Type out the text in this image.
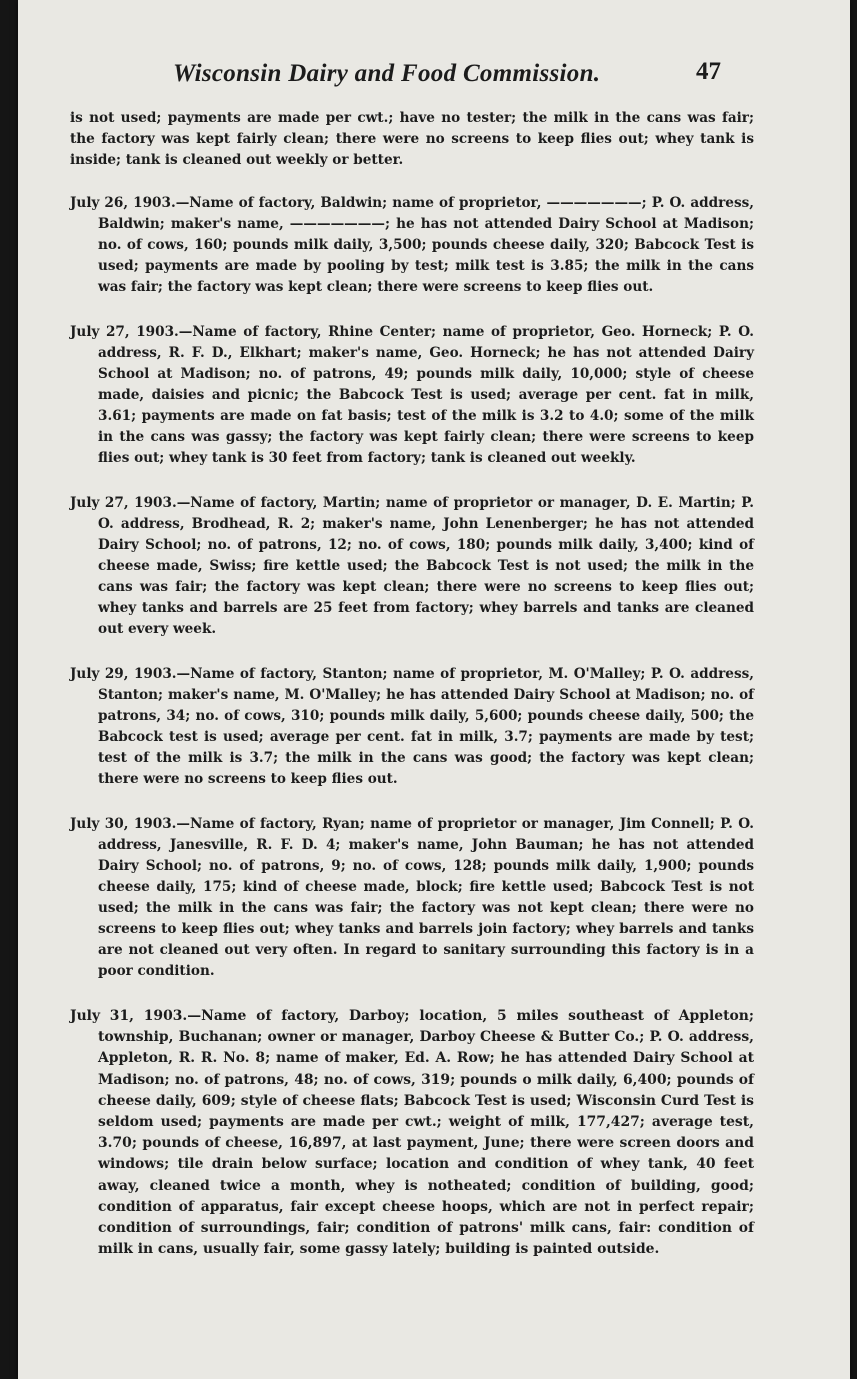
Wisconsin Dairy and Food Commission.	47

is not used; payments are made per cwt.; have no tester; the milk in the cans was fair; the factory was kept fairly clean; there were no screens to keep flies out; whey tank is inside; tank is cleaned out weekly or better.

July 26, 1903.—Name of factory, Baldwin; name of proprietor, ———————; P. O. address, Baldwin; maker's name, ———————; he has not attended Dairy School at Madison; no. of cows, 160; pounds milk daily, 3,500; pounds cheese daily, 320; Babcock Test is used; payments are made by pooling by test; milk test is 3.85; the milk in the cans was fair; the factory was kept clean; there were screens to keep flies out.

July 27, 1903.—Name of factory, Rhine Center; name of proprietor, Geo. Horneck; P. O. address, R. F. D., Elkhart; maker's name, Geo. Horneck; he has not attended Dairy School at Madison; no. of patrons, 49; pounds milk daily, 10,000; style of cheese made, daisies and picnic; the Babcock Test is used; average per cent. fat in milk, 3.61; payments are made on fat basis; test of the milk is 3.2 to 4.0; some of the milk in the cans was gassy; the factory was kept fairly clean; there were screens to keep flies out; whey tank is 30 feet from factory; tank is cleaned out weekly.

July 27, 1903.—Name of factory, Martin; name of proprietor or manager, D. E. Martin; P. O. address, Brodhead, R. 2; maker's name, John Lenenberger; he has not attended Dairy School; no. of patrons, 12; no. of cows, 180; pounds milk daily, 3,400; kind of cheese made, Swiss; fire kettle used; the Babcock Test is not used; the milk in the cans was fair; the factory was kept clean; there were no screens to keep flies out; whey tanks and barrels are 25 feet from factory; whey barrels and tanks are cleaned out every week.

July 29, 1903.—Name of factory, Stanton; name of proprietor, M. O'Malley; P. O. address, Stanton; maker's name, M. O'Malley; he has attended Dairy School at Madison; no. of patrons, 34; no. of cows, 310; pounds milk daily, 5,600; pounds cheese daily, 500; the Babcock test is used; average per cent. fat in milk, 3.7; payments are made by test; test of the milk is 3.7; the milk in the cans was good; the factory was kept clean; there were no screens to keep flies out.

July 30, 1903.—Name of factory, Ryan; name of proprietor or manager, Jim Connell; P. O. address, Janesville, R. F. D. 4; maker's name, John Bauman; he has not attended Dairy School; no. of patrons, 9; no. of cows, 128; pounds milk daily, 1,900; pounds cheese daily, 175; kind of cheese made, block; fire kettle used; Babcock Test is not used; the milk in the cans was fair; the factory was not kept clean; there were no screens to keep flies out; whey tanks and barrels join factory; whey barrels and tanks are not cleaned out very often. In regard to sanitary surrounding this factory is in a poor condition.

July 31, 1903.—Name of factory, Darboy; location, 5 miles southeast of Appleton; township, Buchanan; owner or manager, Darboy Cheese & Butter Co.; P. O. address, Appleton, R. R. No. 8; name of maker, Ed. A. Row; he has attended Dairy School at Madison; no. of patrons, 48; no. of cows, 319; pounds o milk daily, 6,400; pounds of cheese daily, 609; style of cheese flats; Babcock Test is used; Wisconsin Curd Test is seldom used; payments are made per cwt.; weight of milk, 177,427; average test, 3.70; pounds of cheese, 16,897, at last payment, June; there were screen doors and windows; tile drain below surface; location and condition of whey tank, 40 feet away, cleaned twice a month, whey is notheated; condition of building, good; condition of apparatus, fair except cheese hoops, which are not in perfect repair; condition of surroundings, fair; condition of patrons' milk cans, fair: condition of milk in cans, usually fair, some gassy lately; building is painted outside.
